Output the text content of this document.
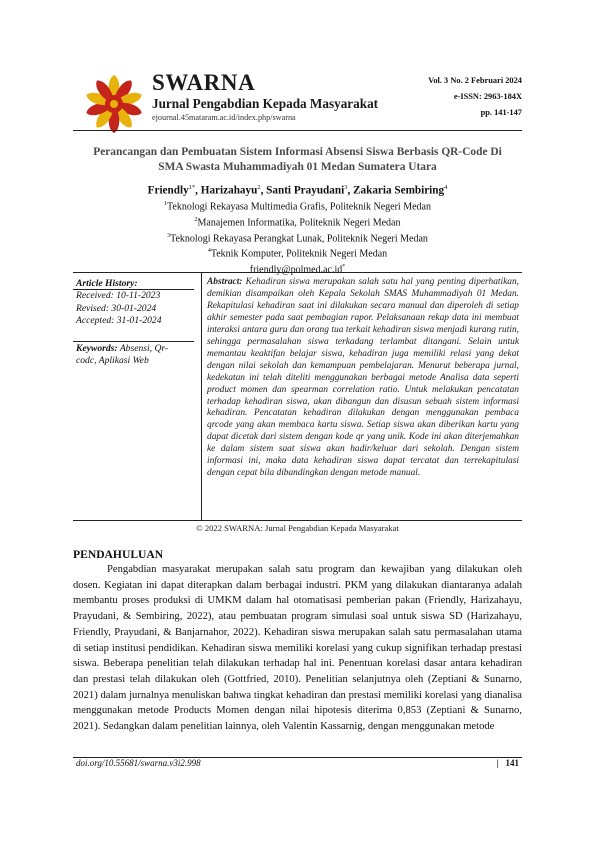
SWARNA
Jurnal Pengabdian Kepada Masyarakat
ejournal.45mataram.ac.id/index.php/swarna
Vol. 3 No. 2 Februari 2024
e-ISSN: 2963-184X
pp. 141-147
Perancangan dan Pembuatan Sistem Informasi Absensi Siswa Berbasis QR-Code Di
SMA Swasta Muhammadiyah 01 Medan Sumatera Utara
Friendly$^{1*}$, Harizahayu$^2$, Santi Prayudani$^3$, Zakaria Sembiring$^4$
$^1$Teknologi Rekayasa Multimedia Grafis, Politeknik Negeri Medan
$^2$Manajemen Informatika, Politeknik Negeri Medan
$^3$Teknologi Rekayasa Perangkat Lunak, Politeknik Negeri Medan
$^4$Teknik Komputer, Politeknik Negeri Medan
friendly@polmed.ac.id*
Article History:
Received: 10-11-2023
Revised: 30-01-2024
Accepted: 31-01-2024
Keywords: Absensi, Qr-
codc, Aplikasi Web
Abstract: Kehadiran siswa merupakan salah satu hal yang penting diperhatikan, demikian disampaikan oleh Kepala Sekolah SMAS Muhammadiyah 01 Medan. Rekapitulasi kehadiran saat ini dilakukan secara manual dan diperoleh di setiap akhir semester pada saat pembagian rapor. Pelaksanaan rekap data ini membuat interaksi antara guru dan orang tua terkait kehadiran siswa menjadi kurang rutin, sehingga permasalahan siswa terkadang terlambat ditangani. Selain untuk memantau keaktifan belajar siswa, kehadiran juga memiliki relasi yang dekat dengan nilai sekolah dan kemampuan pembelajaran. Menurut beberapa jurnal, kedekatan ini telah diteliti menggunakan berbagai metode Analisa data seperti product momen dan spearman correlation ratio. Untuk melakukan pencatatan terhadap kehadiran siswa, akan dibangun dan disusun sebuah sistem informasi kehadiran. Pencatatan kehadiran dilakukan dengan menggunakan pembaca qrcode yang akan membaca kartu siswa. Setiap siswa akan diberikan kartu yang dapat dicetak dari sistem dengan kode qr yang unik. Kode ini akan diterjemahkan ke dalam sistem saat siswa akan hadir/keluar dari sekolah. Dengan sistem informasi ini, maka data kehadiran siswa dapat tercatat dan terrekapitulasi dengan cepat bila dibandingkan dengan metode manual.
© 2022 SWARNA: Jurnal Pengabdian Kepada Masyarakat
PENDAHULUAN
Pengabdian masyarakat merupakan salah satu program dan kewajiban yang dilakukan oleh dosen. Kegiatan ini dapat diterapkan dalam berbagai industri. PKM yang dilakukan diantaranya adalah membantu proses produksi di UMKM dalam hal otomatisasi pemberian pakan (Friendly, Harizahayu, Prayudani, & Sembiring, 2022), atau pembuatan program simulasi soal untuk siswa SD (Harizahayu, Friendly, Prayudani, & Banjarnahor, 2022). Kehadiran siswa merupakan salah satu permasalahan utama di setiap institusi pendidikan. Kehadiran siswa memiliki korelasi yang cukup signifikan terhadap prestasi siswa. Beberapa penelitian telah dilakukan terhadap hal ini. Penentuan korelasi dasar antara kehadiran dan prestasi telah dilakukan oleh (Gottfried, 2010). Penelitian selanjutnya oleh (Zeptiani & Sunarno, 2021) dalam jurnalnya menuliskan bahwa tingkat kehadiran dan prestasi memiliki korelasi yang dianalisa menggunakan metode Products Momen dengan nilai hipotesis diterima 0,853 (Zeptiani & Sunarno, 2021). Sedangkan dalam penelitian lainnya, oleh Valentin Kassarnig, dengan menggunakan metode
doi.org/10.55681/swarna.v3i2.998	| 141
